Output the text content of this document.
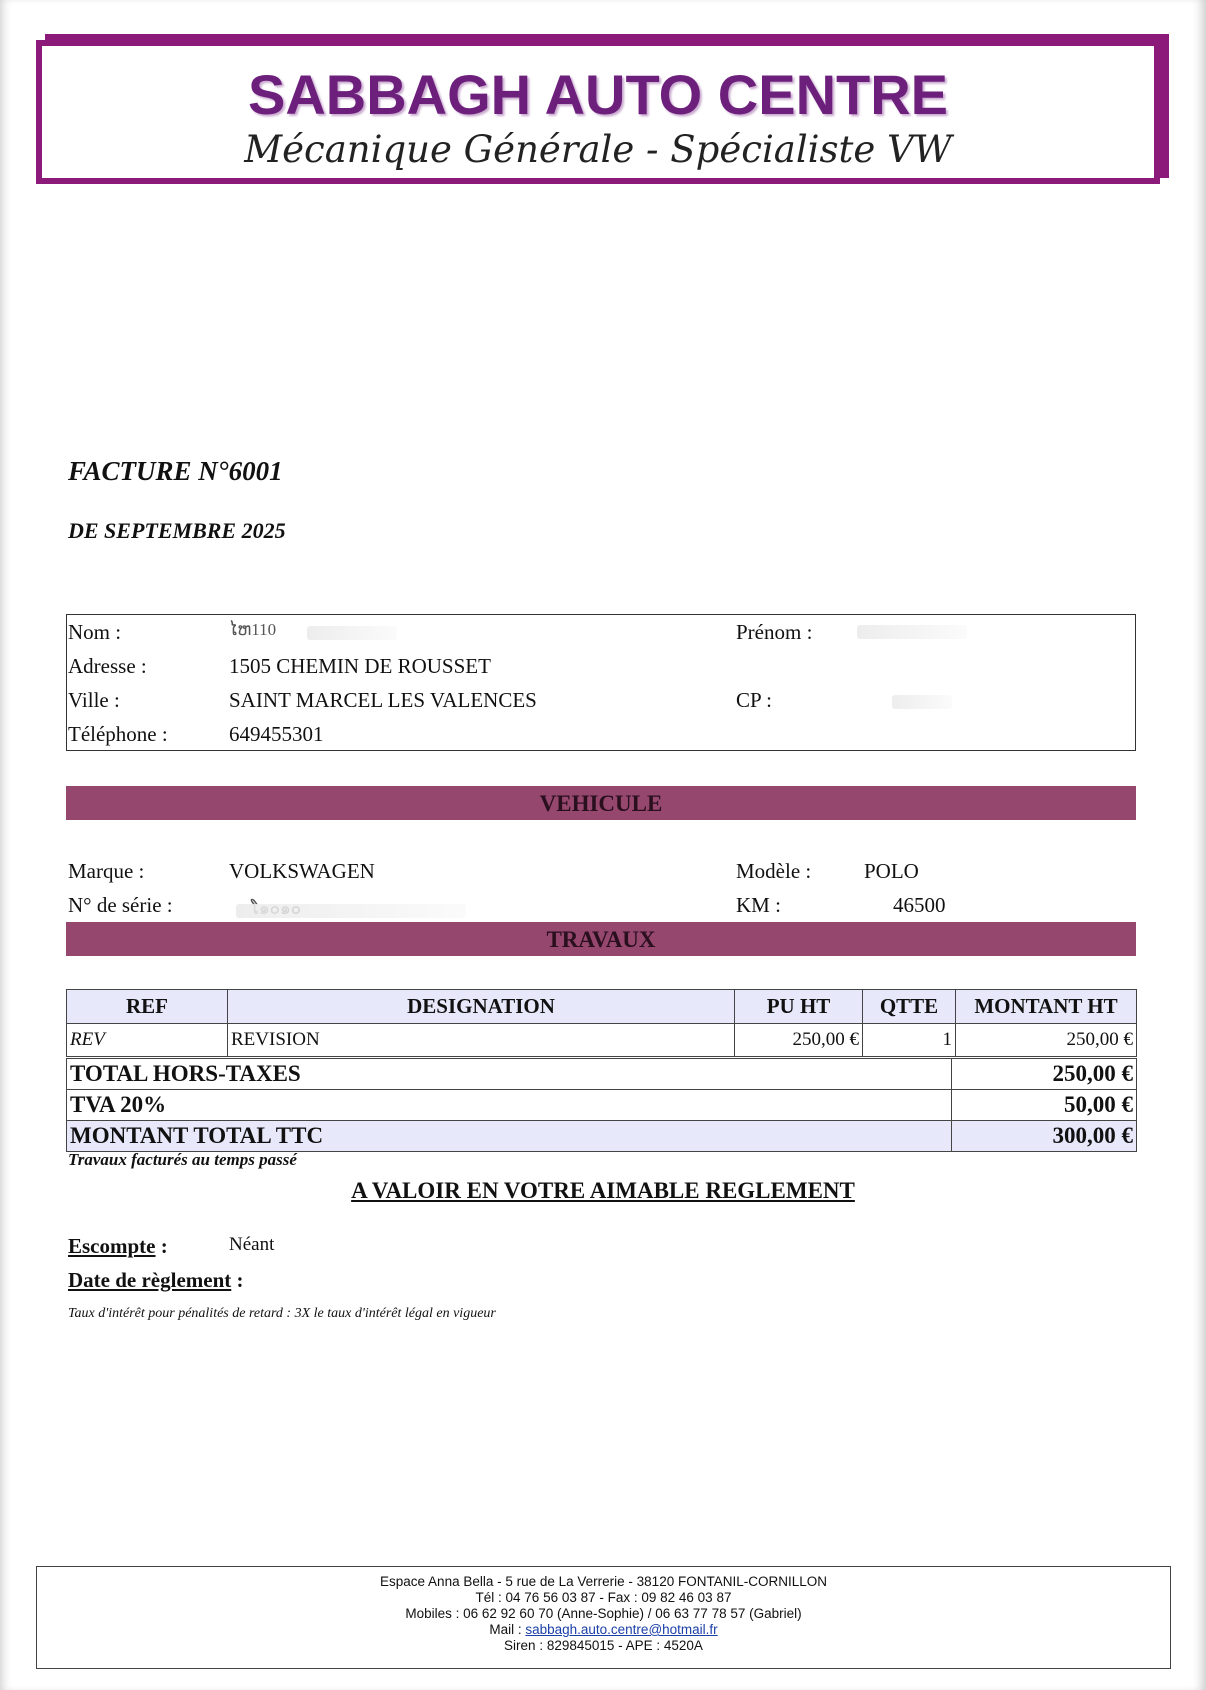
SABBAGH AUTO CENTRE
Mécanique Générale - Spécialiste VW
FACTURE N°6001
DE SEPTEMBRE 2025
Nom :	ໄຫ110	Prénom :
Adresse :	1505 CHEMIN DE ROUSSET
Ville :	SAINT MARCEL LES VALENCES	CP :
Téléphone :	649455301
VEHICULE
Marque :	VOLKSWAGEN	Modèle :	POLO
N° de série :	KM :	46500
TRAVAUX
REF	DESIGNATION	PU HT	QTTE	MONTANT HT
REV	REVISION	250,00 €	1	250,00 €
TOTAL HORS-TAXES	250,00 €
TVA 20%	50,00 €
MONTANT TOTAL TTC	300,00 €
Travaux facturés au temps passé
A VALOIR EN VOTRE AIMABLE REGLEMENT
Escompte :	Néant
Date de règlement :
Taux d'intérêt pour pénalités de retard : 3X le taux d'intérêt légal en vigueur
Espace Anna Bella - 5 rue de La Verrerie - 38120 FONTANIL-CORNILLON
Tél : 04 76 56 03 87 - Fax : 09 82 46 03 87
Mobiles : 06 62 92 60 70 (Anne-Sophie) / 06 63 77 78 57 (Gabriel)
Mail : sabbagh.auto.centre@hotmail.fr
Siren : 829845015 - APE : 4520A
